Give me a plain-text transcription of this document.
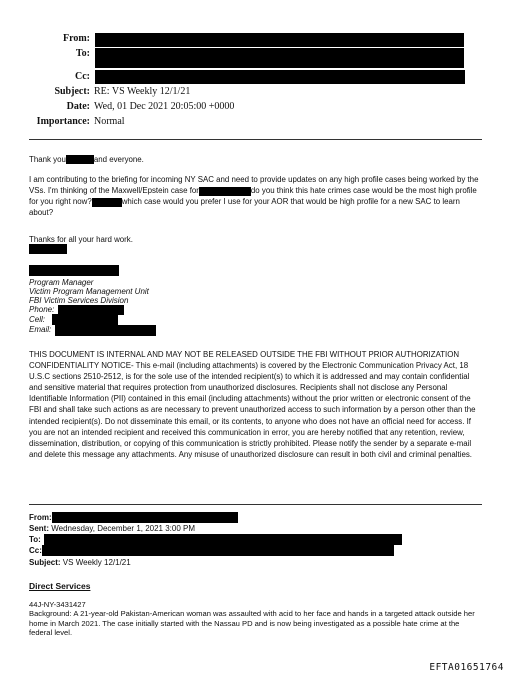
From:
To:
Cc:
Subject: RE: VS Weekly 12/1/21
Date: Wed, 01 Dec 2021 20:05:00 +0000
Importance: Normal
Thank you	and everyone.

I am contributing to the briefing for incoming NY SAC and need to provide updates on any high profile cases being worked by the VSs. I'm thinking of the Maxwell/Epstein case for	do you think this hate crimes case would be the most high profile for you right now?	which case would you prefer I use for your AOR that would be high profile for a new SAC to learn about?

Thanks for all your hard work.
Program Manager
Victim Program Management Unit
FBI Victim Services Division
Phone:
Cell:
Email:

THIS DOCUMENT IS INTERNAL AND MAY NOT BE RELEASED OUTSIDE THE FBI WITHOUT PRIOR AUTHORIZATION CONFIDENTIALITY NOTICE- This e-mail (including attachments) is covered by the Electronic Communication Privacy Act, 18 U.S.C sections 2510-2512, is for the sole use of the intended recipient(s) to which it is addressed and may contain confidential and sensitive material that requires protection from unauthorized disclosures. Recipients shall not disclose any Personal Identifiable Information (PII) contained in this email (including attachments) without the prior written or electronic consent of the FBI and shall take such actions as are necessary to prevent unauthorized access to such information by a person other than the intended recipient(s). Do not disseminate this email, or its contents, to anyone who does not have an official need for access. If you are not an intended recipient and received this communication in error, you are hereby notified that any retention, review, dissemination, distribution, or copying of this communication is strictly prohibited. Please notify the sender by a separate e-mail and delete this message any attachments. Any misuse of unauthorized disclosure can result in both civil and criminal penalties.

From:
Sent: Wednesday, December 1, 2021 3:00 PM
To:
Cc:
Subject: VS Weekly 12/1/21
Direct Services
44J-NY-3431427

Background: A 21-year-old Pakistan-American woman was assaulted with acid to her face and hands in a targeted attack outside her home in March 2021. The case initially started with the Nassau PD and is now being investigated as a possible hate crime at the federal level.

EFTA01651764
